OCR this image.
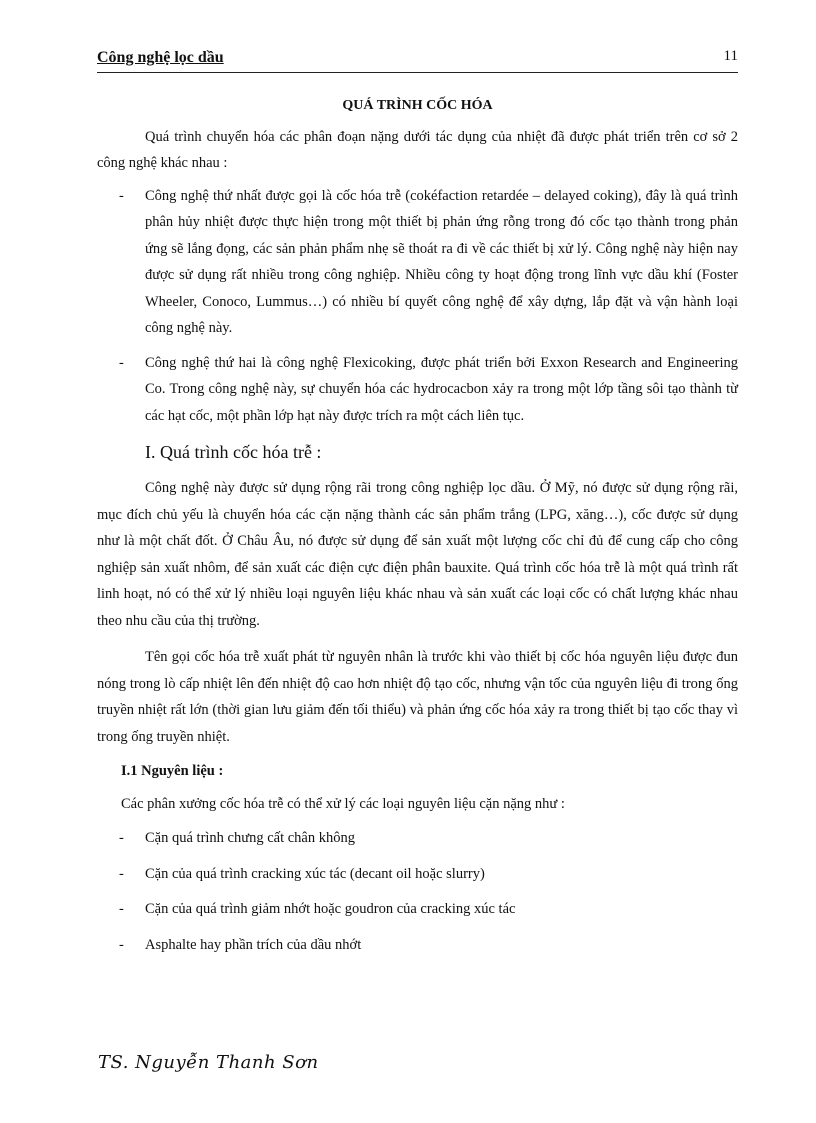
Công nghệ lọc dầu	11

QUÁ TRÌNH CỐC HÓA

Quá trình chuyển hóa các phân đoạn nặng dưới tác dụng của nhiệt đã được phát triển trên cơ sở 2 công nghệ khác nhau :

- Công nghệ thứ nhất được gọi là cốc hóa trễ (cokéfaction retardée – delayed coking), đây là quá trình phân hủy nhiệt được thực hiện trong một thiết bị phản ứng rỗng trong đó cốc tạo thành trong phản ứng sẽ lắng đọng, các sản phản phẩm nhẹ sẽ thoát ra đi về các thiết bị xử lý. Công nghệ này hiện nay được sử dụng rất nhiều trong công nghiệp. Nhiều công ty hoạt động trong lĩnh vực dầu khí (Foster Wheeler, Conoco, Lummus…) có nhiều bí quyết công nghệ để xây dựng, lắp đặt và vận hành loại công nghệ này.
- Công nghệ thứ hai là công nghệ Flexicoking, được phát triển bởi Exxon Research and Engineering Co. Trong công nghệ này, sự chuyển hóa các hydrocacbon xảy ra trong một lớp tầng sôi tạo thành từ các hạt cốc, một phần lớp hạt này được trích ra một cách liên tục.
I. Quá trình cốc hóa trễ :

Công nghệ này được sử dụng rộng rãi trong công nghiệp lọc dầu. Ở Mỹ, nó được sử dụng rộng rãi, mục đích chủ yếu là chuyển hóa các cặn nặng thành các sản phẩm trắng (LPG, xăng…), cốc được sử dụng như là một chất đốt. Ở Châu Âu, nó được sử dụng để sản xuất một lượng cốc chỉ đủ để cung cấp cho công nghiệp sản xuất nhôm, để sản xuất các điện cực điện phân bauxite. Quá trình cốc hóa trễ là một quá trình rất linh hoạt, nó có thể xử lý nhiều loại nguyên liệu khác nhau và sản xuất các loại cốc có chất lượng khác nhau theo nhu cầu của thị trường.

Tên gọi cốc hóa trễ xuất phát từ nguyên nhân là trước khi vào thiết bị cốc hóa nguyên liệu được đun nóng trong lò cấp nhiệt lên đến nhiệt độ cao hơn nhiệt độ tạo cốc, nhưng vận tốc của nguyên liệu đi trong ống truyền nhiệt rất lớn (thời gian lưu giảm đến tối thiểu) và phản ứng cốc hóa xảy ra trong thiết bị tạo cốc thay vì trong ống truyền nhiệt.

I.1 Nguyên liệu :

Các phân xưởng cốc hóa trễ có thể xử lý các loại nguyên liệu cặn nặng như :

- Cặn quá trình chưng cất chân không
- Cặn của quá trình cracking xúc tác (decant oil hoặc slurry)
- Cặn của quá trình giảm nhớt hoặc goudron của cracking xúc tác
- Asphalte hay phần trích của dầu nhớt
TS. Nguyễn Thanh Sơn
